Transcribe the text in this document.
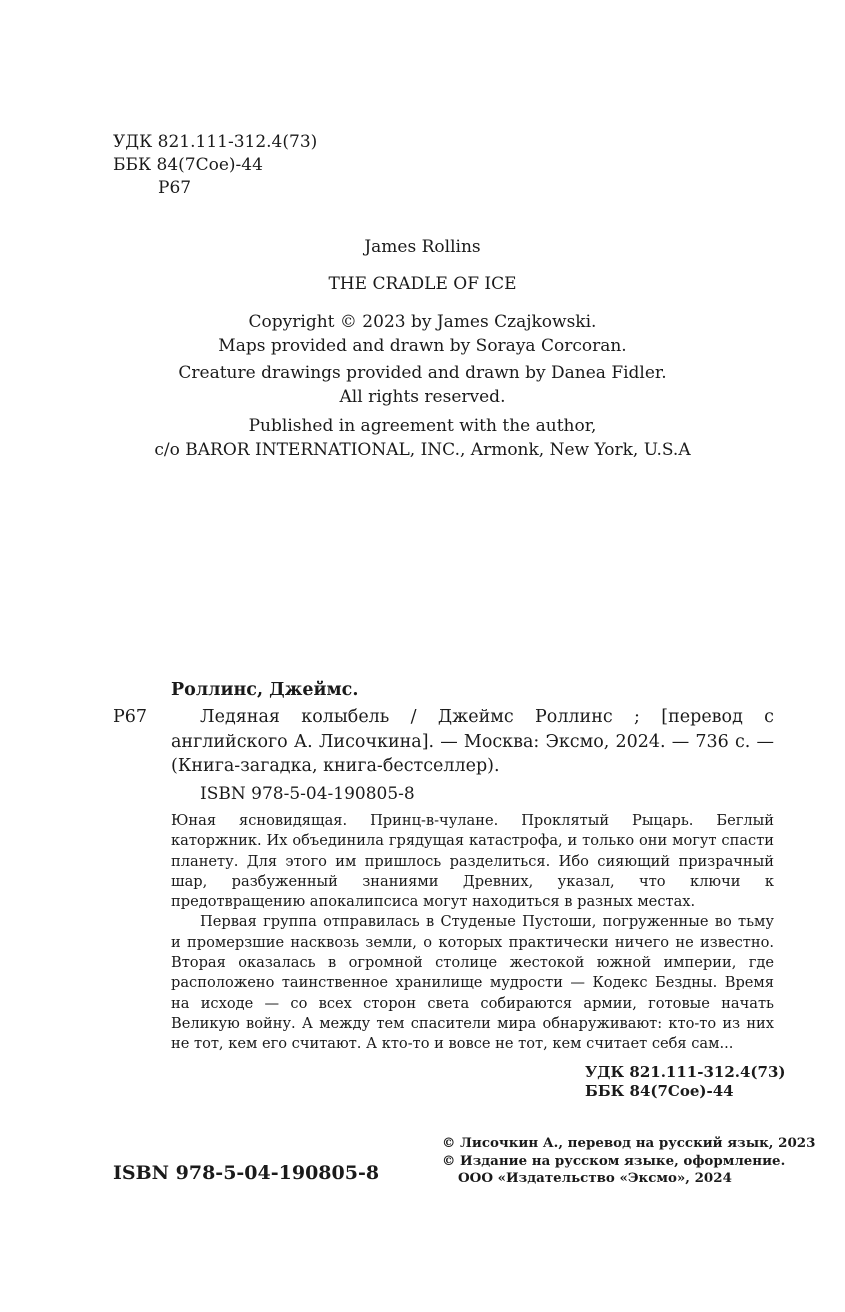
УДК 821.111-312.4(73)
ББК 84(7Сое)-44
Р67
James Rollins
THE CRADLE OF ICE
Copyright © 2023 by James Czajkowski.
Maps provided and drawn by Soraya Corcoran.
Creature drawings provided and drawn by Danea Fidler.
All rights reserved.
Published in agreement with the author,
c/o BAROR INTERNATIONAL, INC., Armonk, New York, U.S.A
Роллинс, Джеймс.
Р67	Ледяная колыбель / Джеймс Роллинс ; [перевод с английского А. Лисочкина]. — Москва: Эксмо, 2024. — 736 с. — (Книга-загадка, книга-бестселлер).
ISBN 978-5-04-190805-8

Юная ясновидящая. Принц-в-чулане. Проклятый Рыцарь. Беглый каторжник. Их объединила грядущая катастрофа, и только они могут спасти планету. Для этого им пришлось разделиться. Ибо сияющий призрачный шар, разбуженный знаниями Древних, указал, что ключи к предотвращению апокалипсиса могут находиться в разных местах.

Первая группа отправилась в Студеные Пустоши, погруженные во тьму и промерзшие насквозь земли, о которых практически ничего не известно. Вторая оказалась в огромной столице жестокой южной империи, где расположено таинственное хранилище мудрости — Кодекс Бездны. Время на исходе — со всех сторон света собираются армии, готовые начать Великую войну. А между тем спасители мира обнаруживают: кто-то из них не тот, кем его считают. А кто-то и вовсе не тот, кем считает себя сам...

УДК 821.111-312.4(73)
ББК 84(7Сое)-44
ISBN 978-5-04-190805-8
© Лисочкин А., перевод на русский язык, 2023
© Издание на русском языке, оформление.
ООО «Издательство «Эксмо», 2024
